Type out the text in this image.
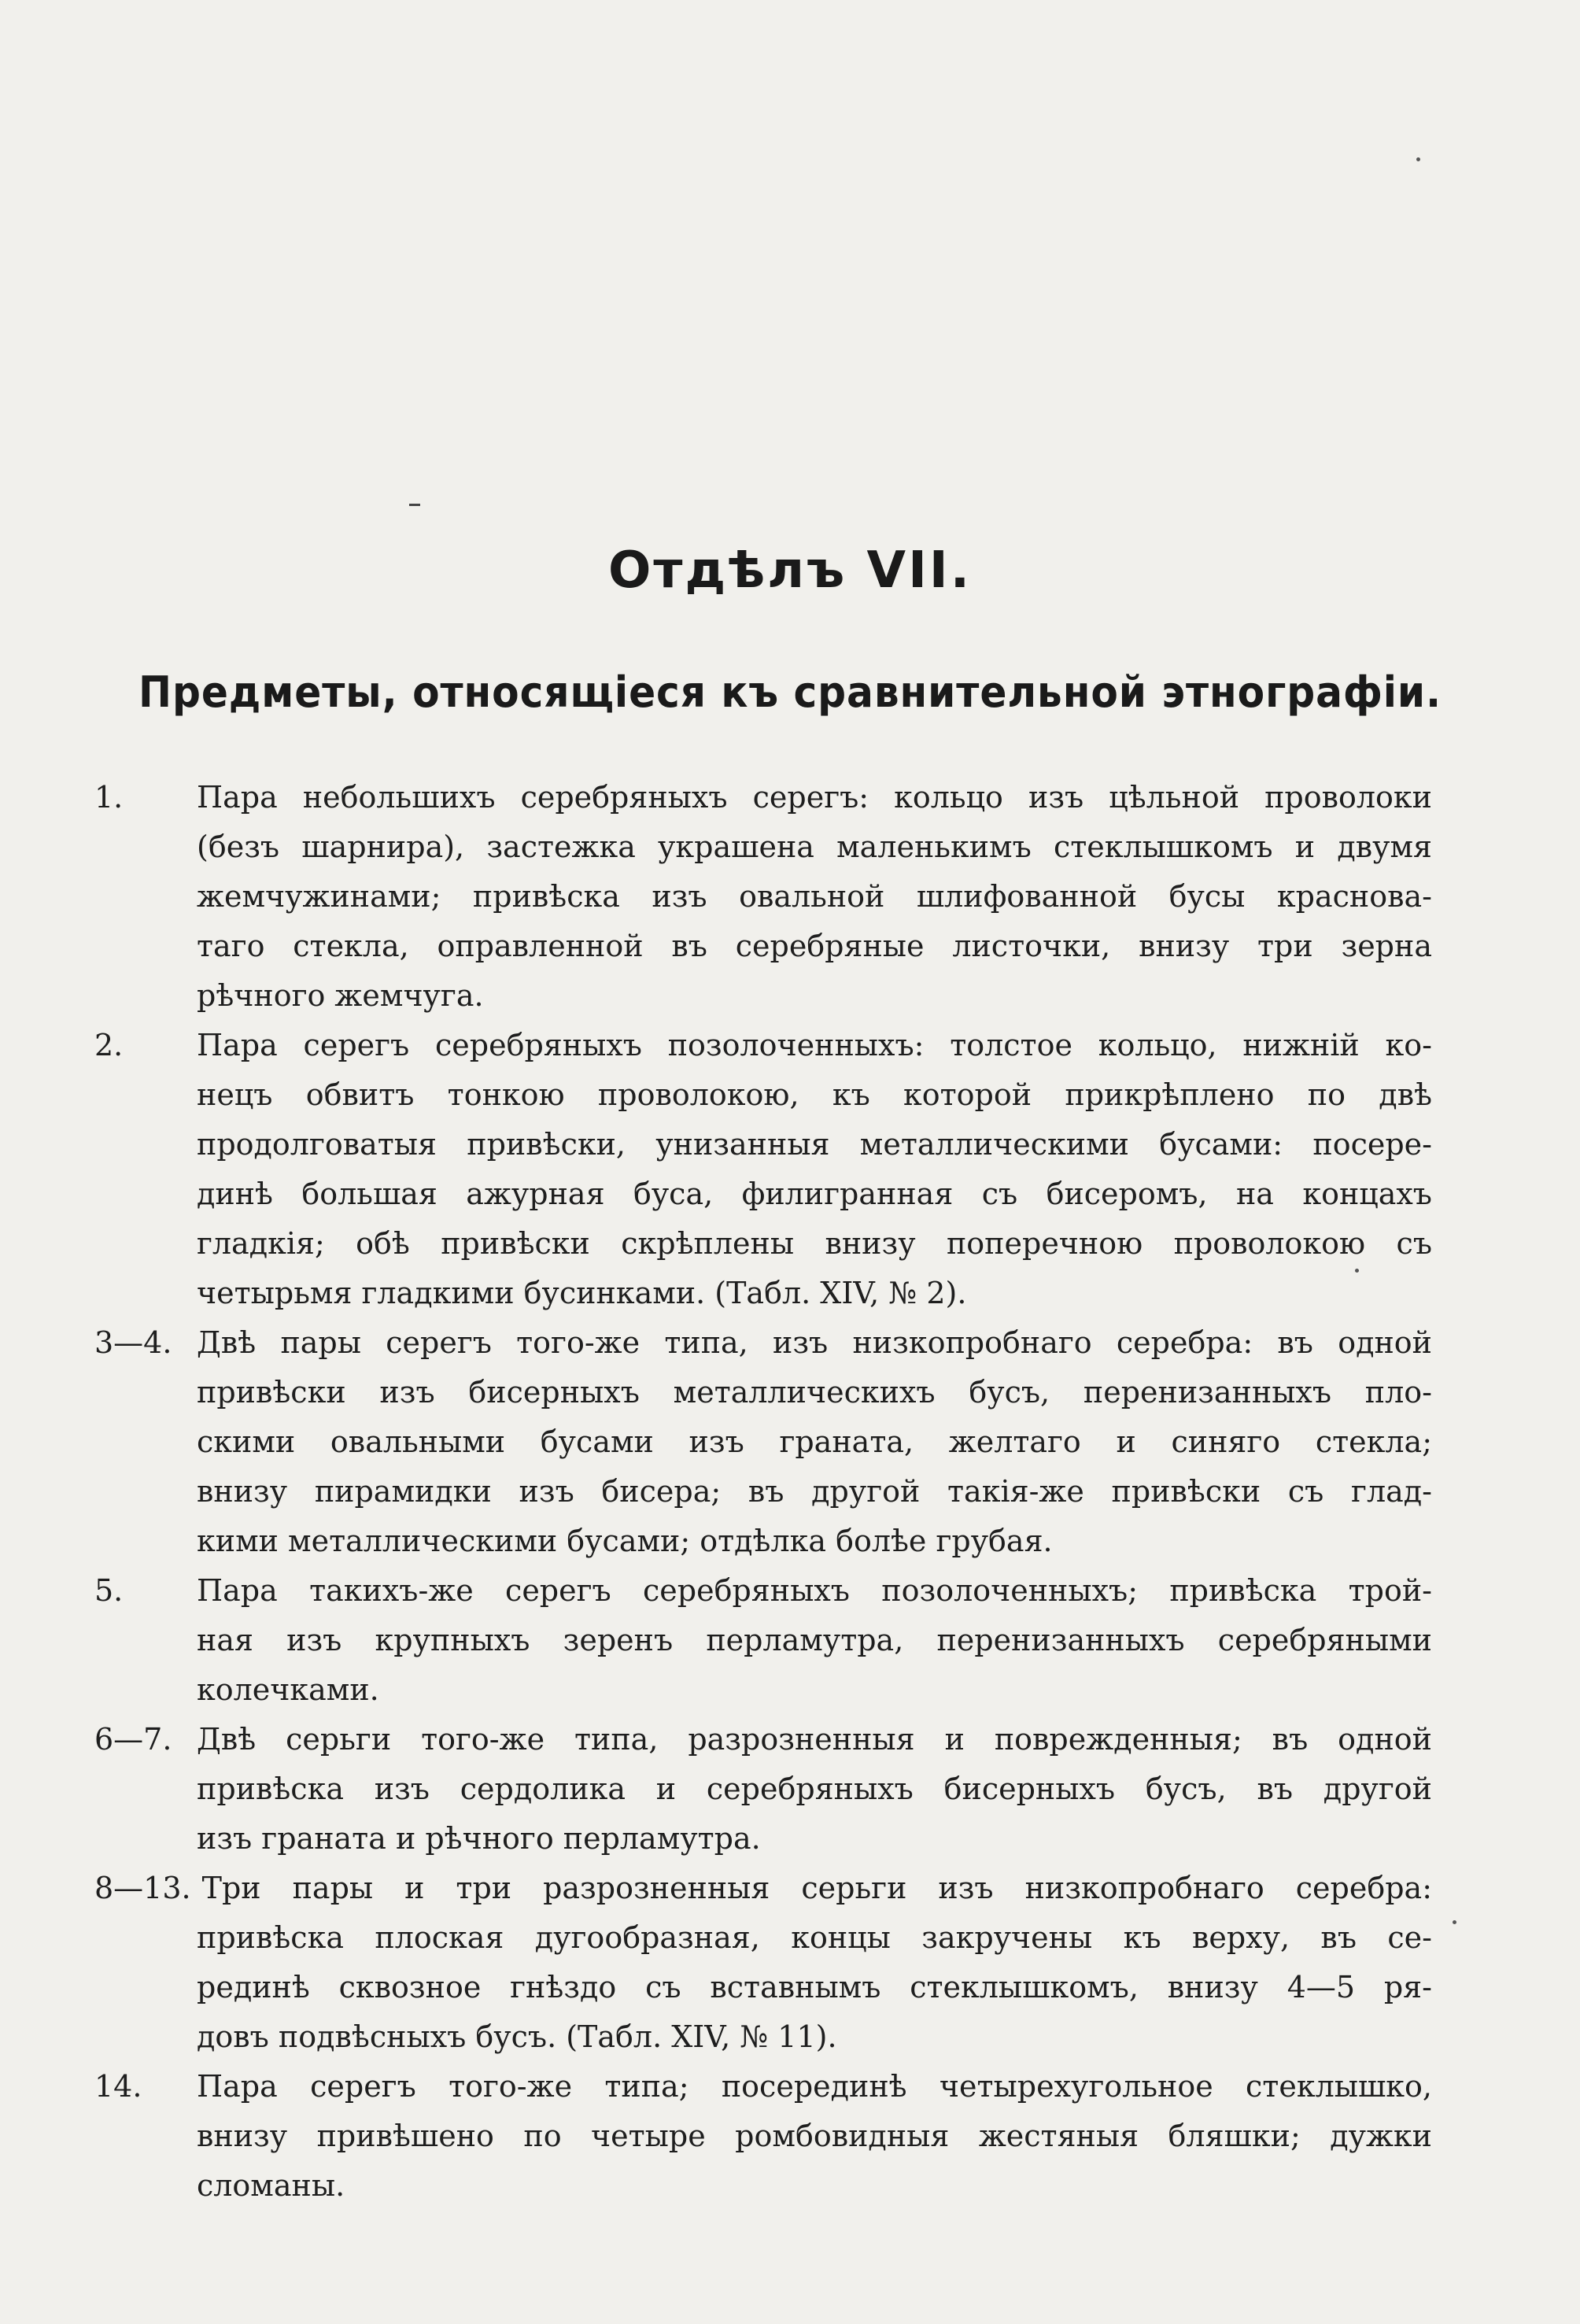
Отдѣлъ VII.
Предметы, относящіеся къ сравнительной этнографіи.
1. Пара небольшихъ серебряныхъ серегъ: кольцо изъ цѣльной проволоки
(безъ шарнира), застежка украшена маленькимъ стеклышкомъ и двумя
жемчужинами; привѣска изъ овальной шлифованной бусы краснова-
таго стекла, оправленной въ серебряные листочки, внизу три зерна
рѣчного жемчуга.
2. Пара серегъ серебряныхъ позолоченныхъ: толстое кольцо, нижній ко-
нецъ обвитъ тонкою проволокою, къ которой прикрѣплено по двѣ
продолговатыя привѣски, унизанныя металлическими бусами: посере-
динѣ большая ажурная буса, филигранная съ бисеромъ, на концахъ
гладкія; обѣ привѣски скрѣплены внизу поперечною проволокою съ
четырьмя гладкими бусинками. (Табл. XIV, № 2).
3—4. Двѣ пары серегъ того-же типа, изъ низкопробнаго серебра: въ одной
привѣски изъ бисерныхъ металлическихъ бусъ, перенизанныхъ пло-
скими овальными бусами изъ граната, желтаго и синяго стекла;
внизу пирамидки изъ бисера; въ другой такія-же привѣски съ глад-
кими металлическими бусами; отдѣлка болѣе грубая.
5. Пара такихъ-же серегъ серебряныхъ позолоченныхъ; привѣска трой-
ная изъ крупныхъ зеренъ перламутра, перенизанныхъ серебряными
колечками.
6—7. Двѣ серьги того-же типа, разрозненныя и поврежденныя; въ одной
привѣска изъ сердолика и серебряныхъ бисерныхъ бусъ, въ другой
изъ граната и рѣчного перламутра.
8—13. Три пары и три разрозненныя серьги изъ низкопробнаго серебра:
привѣска плоская дугообразная, концы закручены къ верху, въ се-
рединѣ сквозное гнѣздо съ вставнымъ стеклышкомъ, внизу 4—5 ря-
довъ подвѣсныхъ бусъ. (Табл. XIV, № 11).
14. Пара серегъ того-же типа; посерединѣ четырехугольное стеклышко,
внизу привѣшено по четыре ромбовидныя жестяныя бляшки; дужки
сломаны.
